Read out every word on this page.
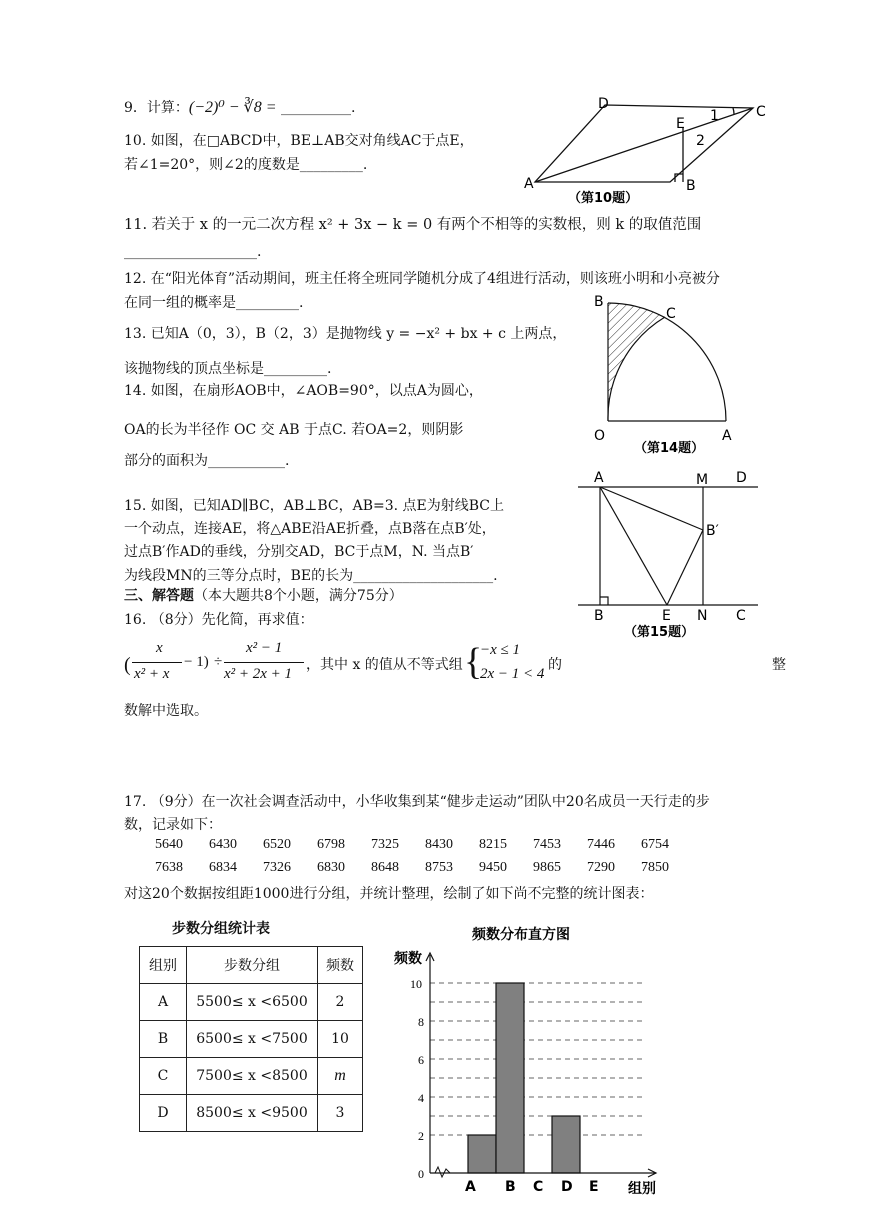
9．计算：(−2)⁰ − ∛8 = __________.
10. 如图，在□ABCD中，BE⊥AB交对角线AC于点E，
若∠1=20°，则∠2的度数是_________.
D	C
A	B
E 1
2
（第10题）
11. 若关于 x 的一元二次方程 x² + 3x − k = 0 有两个不相等的实数根，则 k 的取值范围
___________________.
12. 在“阳光体育”活动期间，班主任将全班同学随机分成了4组进行活动，则该班小明和小亮被分
在同一组的概率是_________.
13. 已知A（0，3），B（2，3）是抛物线 y = −x² + bx + c 上两点，
该抛物线的顶点坐标是_________.
14. 如图，在扇形AOB中，∠AOB=90°，以点A为圆心，
OA的长为半径作 OC 交 AB 于点C. 若OA=2，则阴影
部分的面积为___________.
B
C
O	A
（第14题）
15. 如图，已知AD∥BC，AB⊥BC，AB=3. 点E为射线BC上
一个动点，连接AE，将△ABE沿AE折叠，点B落在点B′处，
过点B′作AD的垂线，分别交AD，BC于点M，N. 当点B′
为线段MN的三等分点时，BE的长为____________________.
A	M D
B′
B	E N C
（第15题）
三、解答题（本大题共8个小题，满分75分）
16. （8分）先化简，再求值：
(
x
x² + x
− 1) ÷
x² − 1
x² + 2x + 1
，其中 x 的值从不等式组 {
−x ≤ 1
2x − 1 < 4
的	整
数解中选取。
17. （9分）在一次社会调查活动中，小华收集到某“健步走运动”团队中20名成员一天行走的步
数，记录如下：
5640 6430 6520 6798 7325 8430 8215 7453 7446 6754
7638 6834 7326 6830 8648 8753 9450 9865 7290 7850
对这20个数据按组距1000进行分组，并统计整理，绘制了如下尚不完整的统计图表：
步数分组统计表
组别	步数分组	频数
A	5500≤ x <6500	2
B	6500≤ x <7500	10
C	7500≤ x <8500	m
D	8500≤ x <9500	3
频数分布直方图
频数
组别
0
2
4
6
8
10
A B C D E
